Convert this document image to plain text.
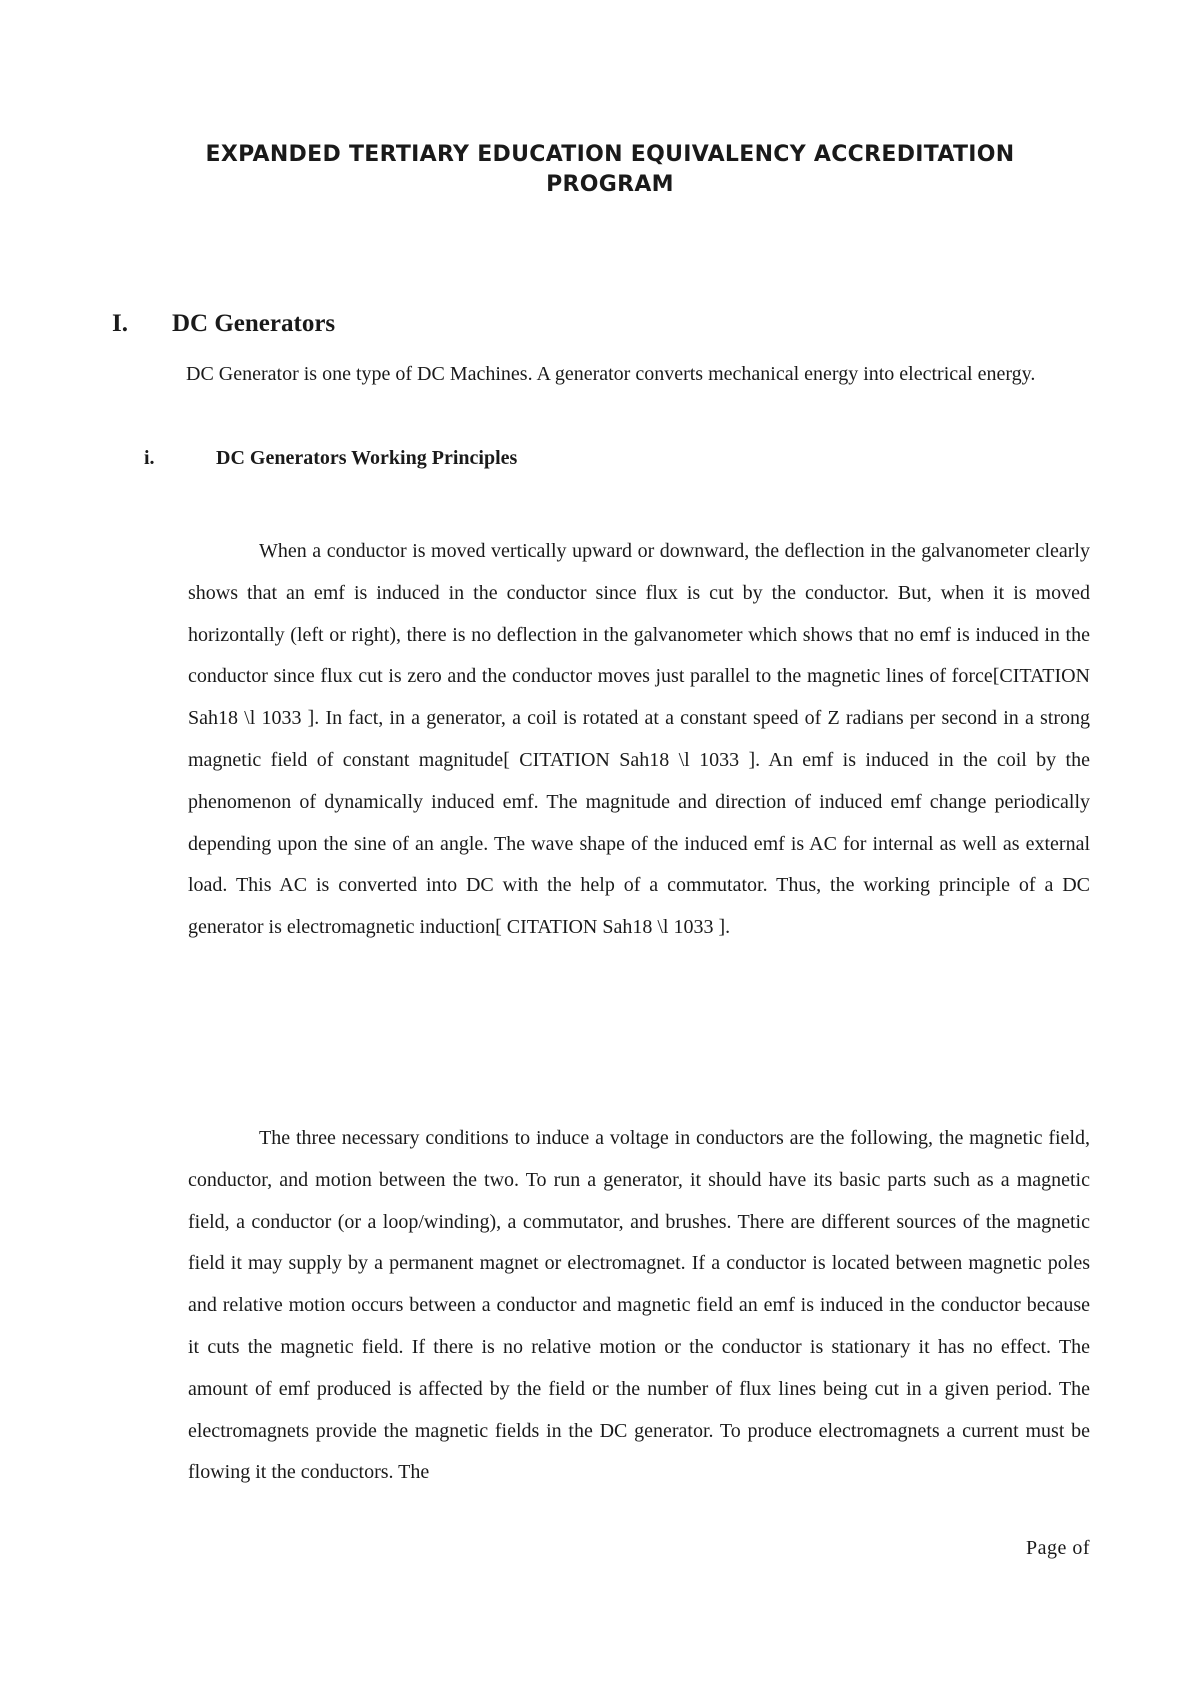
EXPANDED TERTIARY EDUCATION EQUIVALENCY ACCREDITATION PROGRAM
I. DC Generators
DC Generator is one type of DC Machines. A generator converts mechanical energy into electrical energy.
i.	DC Generators Working Principles

When a conductor is moved vertically upward or downward, the deflection in the galvanometer clearly shows that an emf is induced in the conductor since flux is cut by the conductor. But, when it is moved horizontally (left or right), there is no deflection in the galvanometer which shows that no emf is induced in the conductor since flux cut is zero and the conductor moves just parallel to the magnetic lines of force[CITATION Sah18 \l 1033 ]. In fact, in a generator, a coil is rotated at a constant speed of Z radians per second in a strong magnetic field of constant magnitude[ CITATION Sah18 \l 1033 ]. An emf is induced in the coil by the phenomenon of dynamically induced emf. The magnitude and direction of induced emf change periodically depending upon the sine of an angle. The wave shape of the induced emf is AC for internal as well as external load. This AC is converted into DC with the help of a commutator. Thus, the working principle of a DC generator is electromagnetic induction[ CITATION Sah18 \l 1033 ].

The three necessary conditions to induce a voltage in conductors are the following, the magnetic field, conductor, and motion between the two. To run a generator, it should have its basic parts such as a magnetic field, a conductor (or a loop/winding), a commutator, and brushes. There are different sources of the magnetic field it may supply by a permanent magnet or electromagnet. If a conductor is located between magnetic poles and relative motion occurs between a conductor and magnetic field an emf is induced in the conductor because it cuts the magnetic field. If there is no relative motion or the conductor is stationary it has no effect. The amount of emf produced is affected by the field or the number of flux lines being cut in a given period. The electromagnets provide the magnetic fields in the DC generator. To produce electromagnets a current must be flowing it the conductors. The

Page of
